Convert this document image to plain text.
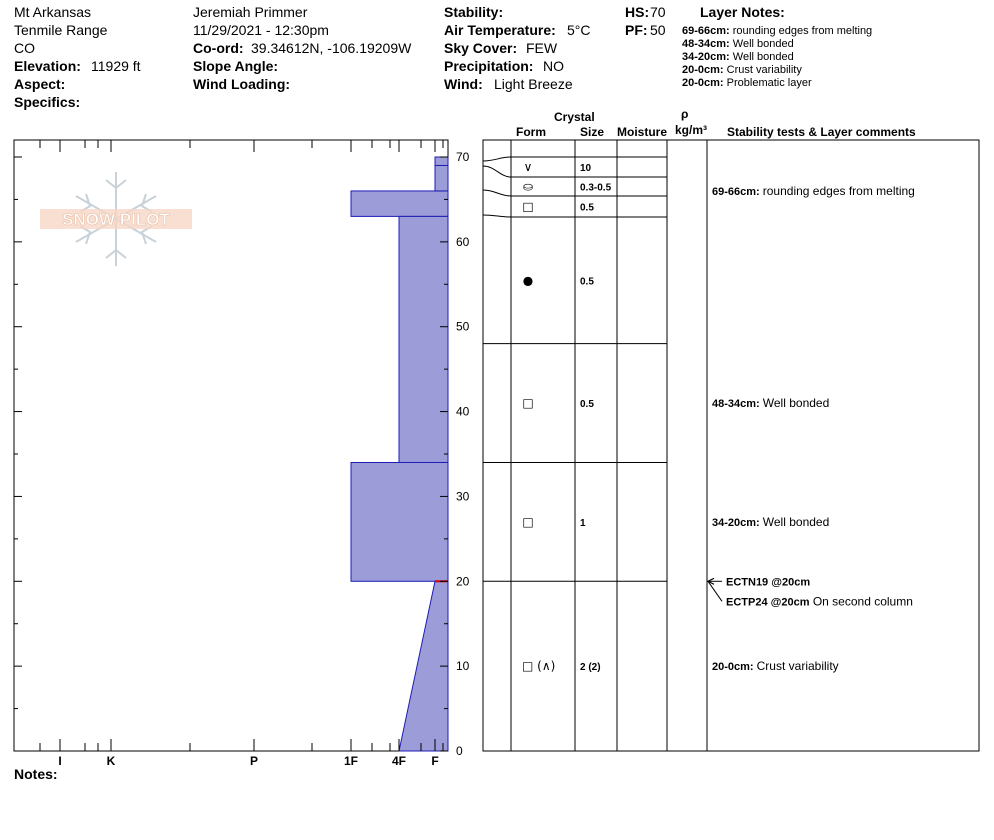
Mt Arkansas
Tenmile Range
CO
Elevation: 11929 ft
Aspect:
Specifics:
Jeremiah Primmer
11/29/2021 - 12:30pm
Co-ord: 39.34612N, -106.19209W
Slope Angle:
Wind Loading:
Stability:
Air Temperature: 5°C
Sky Cover: FEW
Precipitation: NO
Wind: Light Breeze
HS: 70
PF: 50
Layer Notes:
69-66cm: rounding edges from melting
48-34cm: Well bonded
34-20cm: Well bonded
20-0cm: Crust variability
20-0cm: Problematic layer
Crystal
Form	Size Moisture
ρ
kg/m³ Stability tests & Layer comments
Notes:
I	K	P	1F	4F F
70
60
50
40
30
20
10
0
SNOW PILOT
∨	10
⛀	0.3-0.5
□	0.5
●	0.5
□	0.5
□	1
□ (∧) 2 (2)
69-66cm: rounding edges from melting
48-34cm: Well bonded
34-20cm: Well bonded
20-0cm: Crust variability
ECTN19 @20cm
ECTP24 @20cm On second column
